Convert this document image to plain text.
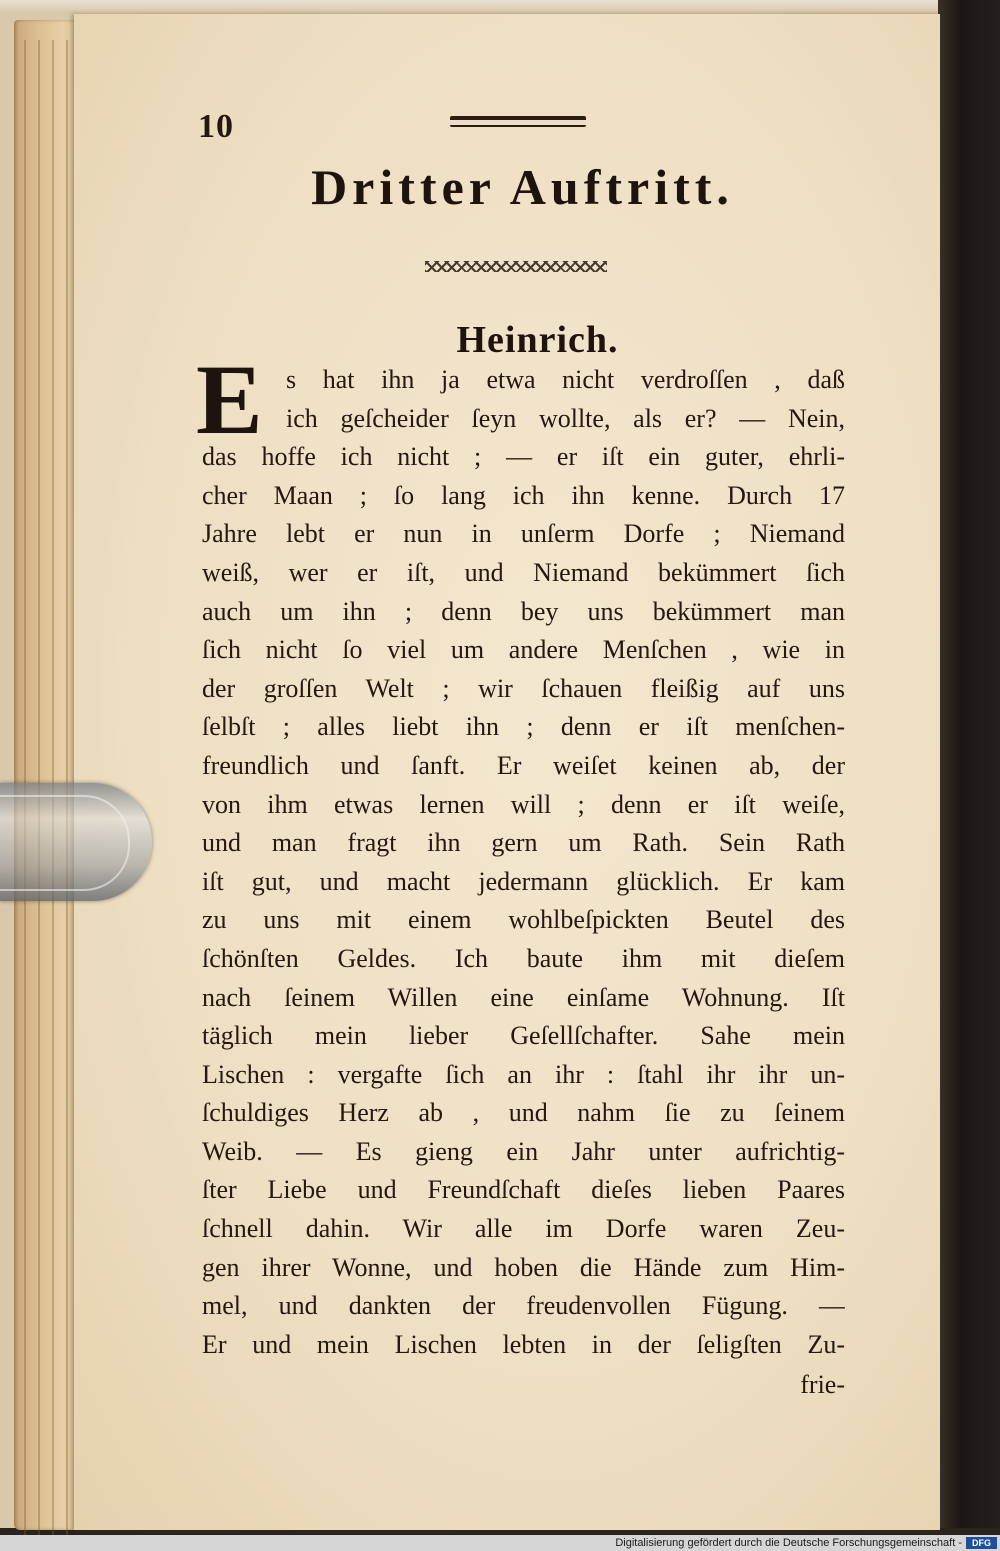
10
Dritter Auftritt.
Heinrich.
E s hat ihn ja etwa nicht verdroſſen , daß
ich geſcheider ſeyn wollte, als er? — Nein,
das hoffe ich nicht ; — er iſt ein guter, ehrli-
cher Maan ; ſo lang ich ihn kenne. Durch 17
Jahre lebt er nun in unſerm Dorfe ; Niemand
weiß, wer er iſt, und Niemand bekümmert ſich
auch um ihn ; denn bey uns bekümmert man
ſich nicht ſo viel um andere Menſchen , wie in
der groſſen Welt ; wir ſchauen fleißig auf uns
ſelbſt ; alles liebt ihn ; denn er iſt menſchen-
freundlich und ſanft. Er weiſet keinen ab, der
von ihm etwas lernen will ; denn er iſt weiſe,
und man fragt ihn gern um Rath. Sein Rath
iſt gut, und macht jedermann glücklich. Er kam
zu uns mit einem wohlbeſpickten Beutel des
ſchönſten Geldes. Ich baute ihm mit dieſem
nach ſeinem Willen eine einſame Wohnung. Iſt
täglich mein lieber Geſellſchafter. Sahe mein
Lischen : vergafte ſich an ihr : ſtahl ihr ihr un-
ſchuldiges Herz ab , und nahm ſie zu ſeinem
Weib. — Es gieng ein Jahr unter aufrichtig-
ſter Liebe und Freundſchaft dieſes lieben Paares
ſchnell dahin. Wir alle im Dorfe waren Zeu-
gen ihrer Wonne, und hoben die Hände zum Him-
mel, und dankten der freudenvollen Fügung. —
Er und mein Lischen lebten in der ſeligſten Zu-
frie-
Digitalisierung gefördert durch die Deutsche Forschungsgemeinschaft -	DFG
